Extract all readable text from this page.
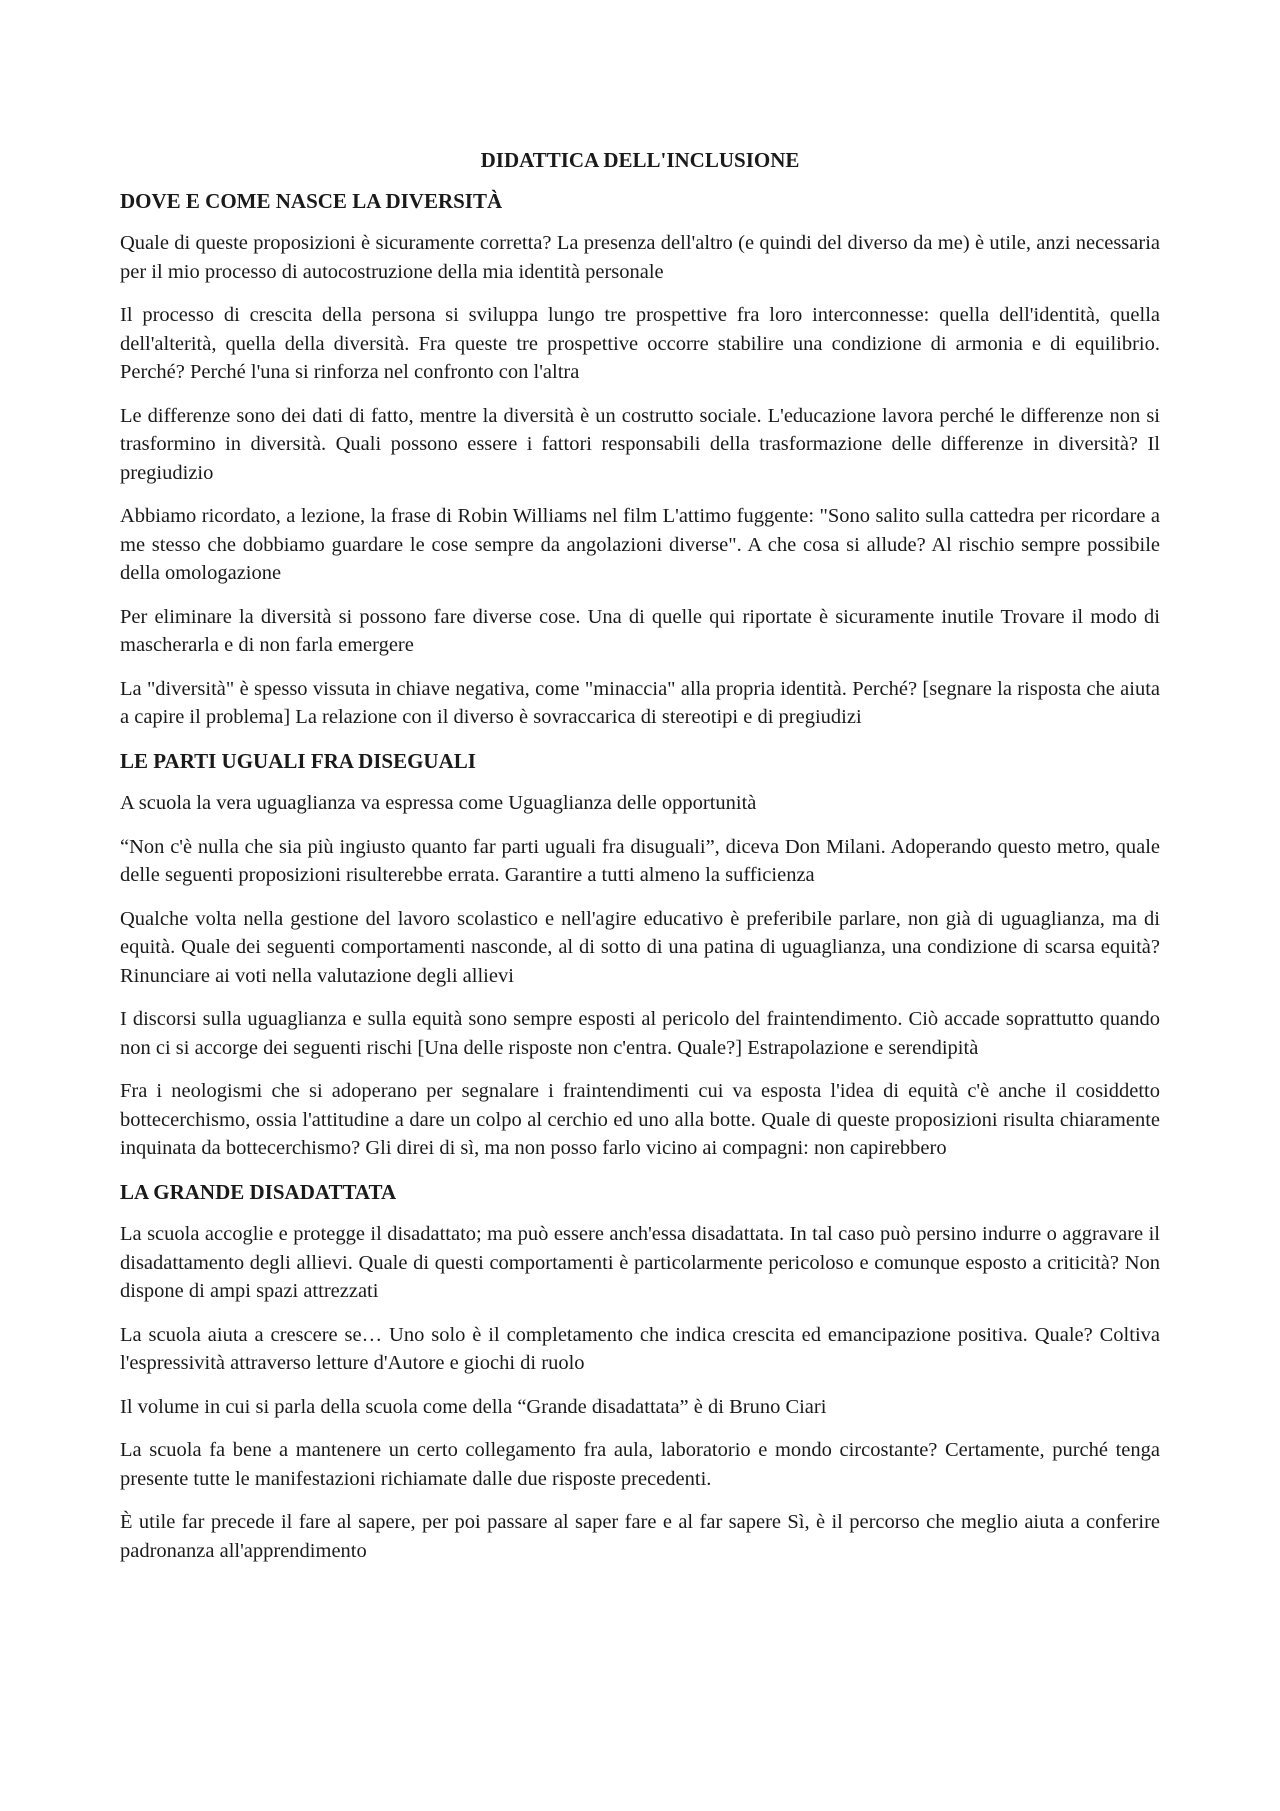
DIDATTICA DELL'INCLUSIONE
DOVE E COME NASCE LA DIVERSITÀ

Quale di queste proposizioni è sicuramente corretta? La presenza dell'altro (e quindi del diverso da me) è utile, anzi necessaria per il mio processo di autocostruzione della mia identità personale

Il processo di crescita della persona si sviluppa lungo tre prospettive fra loro interconnesse: quella dell'identità, quella dell'alterità, quella della diversità. Fra queste tre prospettive occorre stabilire una condizione di armonia e di equilibrio. Perché? Perché l'una si rinforza nel confronto con l'altra

Le differenze sono dei dati di fatto, mentre la diversità è un costrutto sociale. L'educazione lavora perché le differenze non si trasformino in diversità. Quali possono essere i fattori responsabili della trasformazione delle differenze in diversità? Il pregiudizio

Abbiamo ricordato, a lezione, la frase di Robin Williams nel film L'attimo fuggente: "Sono salito sulla cattedra per ricordare a me stesso che dobbiamo guardare le cose sempre da angolazioni diverse". A che cosa si allude? Al rischio sempre possibile della omologazione

Per eliminare la diversità si possono fare diverse cose. Una di quelle qui riportate è sicuramente inutile Trovare il modo di mascherarla e di non farla emergere

La "diversità" è spesso vissuta in chiave negativa, come "minaccia" alla propria identità. Perché? [segnare la risposta che aiuta a capire il problema] La relazione con il diverso è sovraccarica di stereotipi e di pregiudizi

LE PARTI UGUALI FRA DISEGUALI

A scuola la vera uguaglianza va espressa come Uguaglianza delle opportunità

“Non c'è nulla che sia più ingiusto quanto far parti uguali fra disuguali”, diceva Don Milani. Adoperando questo metro, quale delle seguenti proposizioni risulterebbe errata. Garantire a tutti almeno la sufficienza

Qualche volta nella gestione del lavoro scolastico e nell'agire educativo è preferibile parlare, non già di uguaglianza, ma di equità. Quale dei seguenti comportamenti nasconde, al di sotto di una patina di uguaglianza, una condizione di scarsa equità? Rinunciare ai voti nella valutazione degli allievi

I discorsi sulla uguaglianza e sulla equità sono sempre esposti al pericolo del fraintendimento. Ciò accade soprattutto quando non ci si accorge dei seguenti rischi [Una delle risposte non c'entra. Quale?] Estrapolazione e serendipità

Fra i neologismi che si adoperano per segnalare i fraintendimenti cui va esposta l'idea di equità c'è anche il cosiddetto bottecerchismo, ossia l'attitudine a dare un colpo al cerchio ed uno alla botte. Quale di queste proposizioni risulta chiaramente inquinata da bottecerchismo? Gli direi di sì, ma non posso farlo vicino ai compagni: non capirebbero

LA GRANDE DISADATTATA

La scuola accoglie e protegge il disadattato; ma può essere anch'essa disadattata. In tal caso può persino indurre o aggravare il disadattamento degli allievi. Quale di questi comportamenti è particolarmente pericoloso e comunque esposto a criticità? Non dispone di ampi spazi attrezzati

La scuola aiuta a crescere se… Uno solo è il completamento che indica crescita ed emancipazione positiva. Quale? Coltiva l'espressività attraverso letture d'Autore e giochi di ruolo

Il volume in cui si parla della scuola come della “Grande disadattata” è di Bruno Ciari

La scuola fa bene a mantenere un certo collegamento fra aula, laboratorio e mondo circostante? Certamente, purché tenga presente tutte le manifestazioni richiamate dalle due risposte precedenti.

È utile far precede il fare al sapere, per poi passare al saper fare e al far sapere Sì, è il percorso che meglio aiuta a conferire padronanza all'apprendimento
